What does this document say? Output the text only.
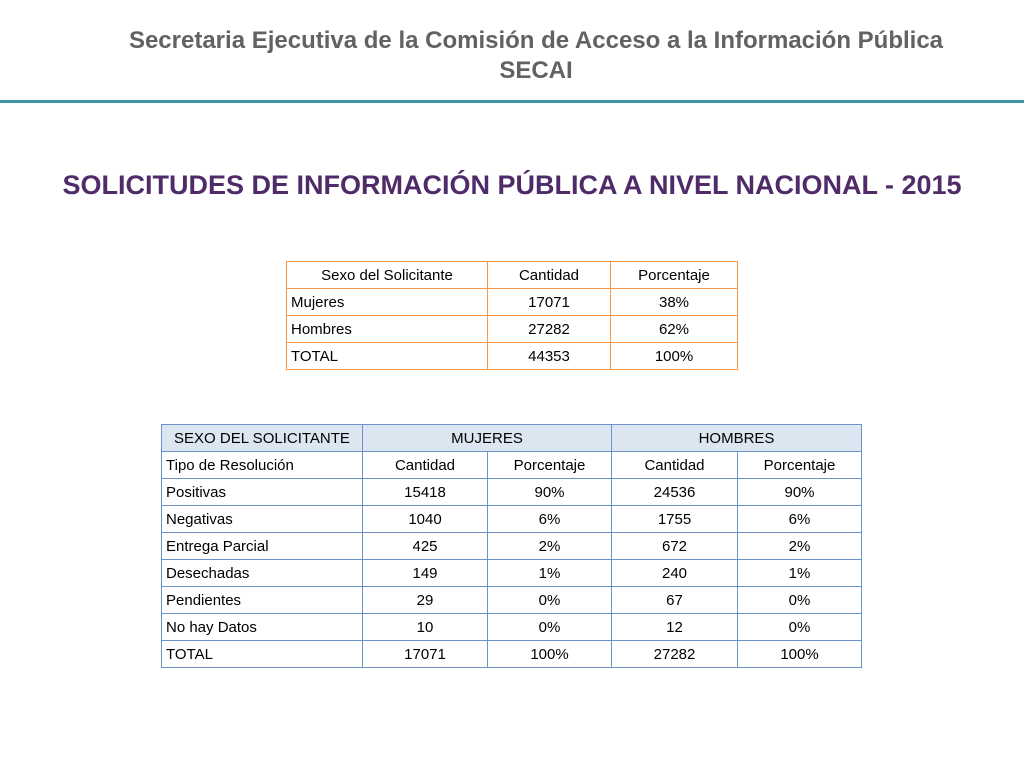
Secretaria Ejecutiva de la Comisión de Acceso a la Información Pública
SECAI
SOLICITUDES DE INFORMACIÓN PÚBLICA A NIVEL NACIONAL - 2015
Sexo del Solicitante	Cantidad	Porcentaje
Mujeres	17071	38%
Hombres	27282	62%
TOTAL	44353	100%
SEXO DEL SOLICITANTE	MUJERES		HOMBRES	
Tipo de Resolución	Cantidad	Porcentaje	Cantidad	Porcentaje
Positivas	15418	90%	24536	90%
Negativas	1040	6%	1755	6%
Entrega Parcial	425	2%	672	2%
Desechadas	149	1%	240	1%
Pendientes	29	0%	67	0%
No hay Datos	10	0%	12	0%
TOTAL	17071	100%	27282	100%
